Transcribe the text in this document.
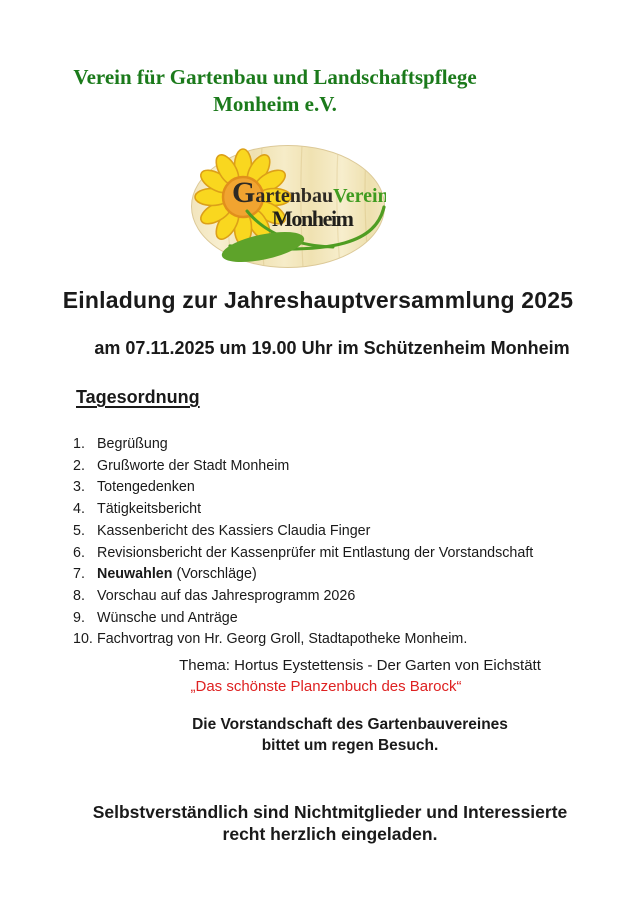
Verein für Gartenbau und Landschaftspflege
Monheim e.V.
GartenbauVerein
Monheim
Einladung zur Jahreshauptversammlung 2025
am 07.11.2025 um 19.00 Uhr im Schützenheim Monheim
Tagesordnung
1. Begrüßung
2. Grußworte der Stadt Monheim
3. Totengedenken
4. Tätigkeitsbericht
5. Kassenbericht des Kassiers Claudia Finger
6. Revisionsbericht der Kassenprüfer mit Entlastung der Vorstandschaft
7. Neuwahlen (Vorschläge)
8. Vorschau auf das Jahresprogramm 2026
9. Wünsche und Anträge
10. Fachvortrag von Hr. Georg Groll, Stadtapotheke Monheim.
Thema: Hortus Eystettensis - Der Garten von Eichstätt
„Das schönste Planzenbuch des Barock“
Die Vorstandschaft des Gartenbauvereines
bittet um regen Besuch.
Selbstverständlich sind Nichtmitglieder und Interessierte
recht herzlich eingeladen.
